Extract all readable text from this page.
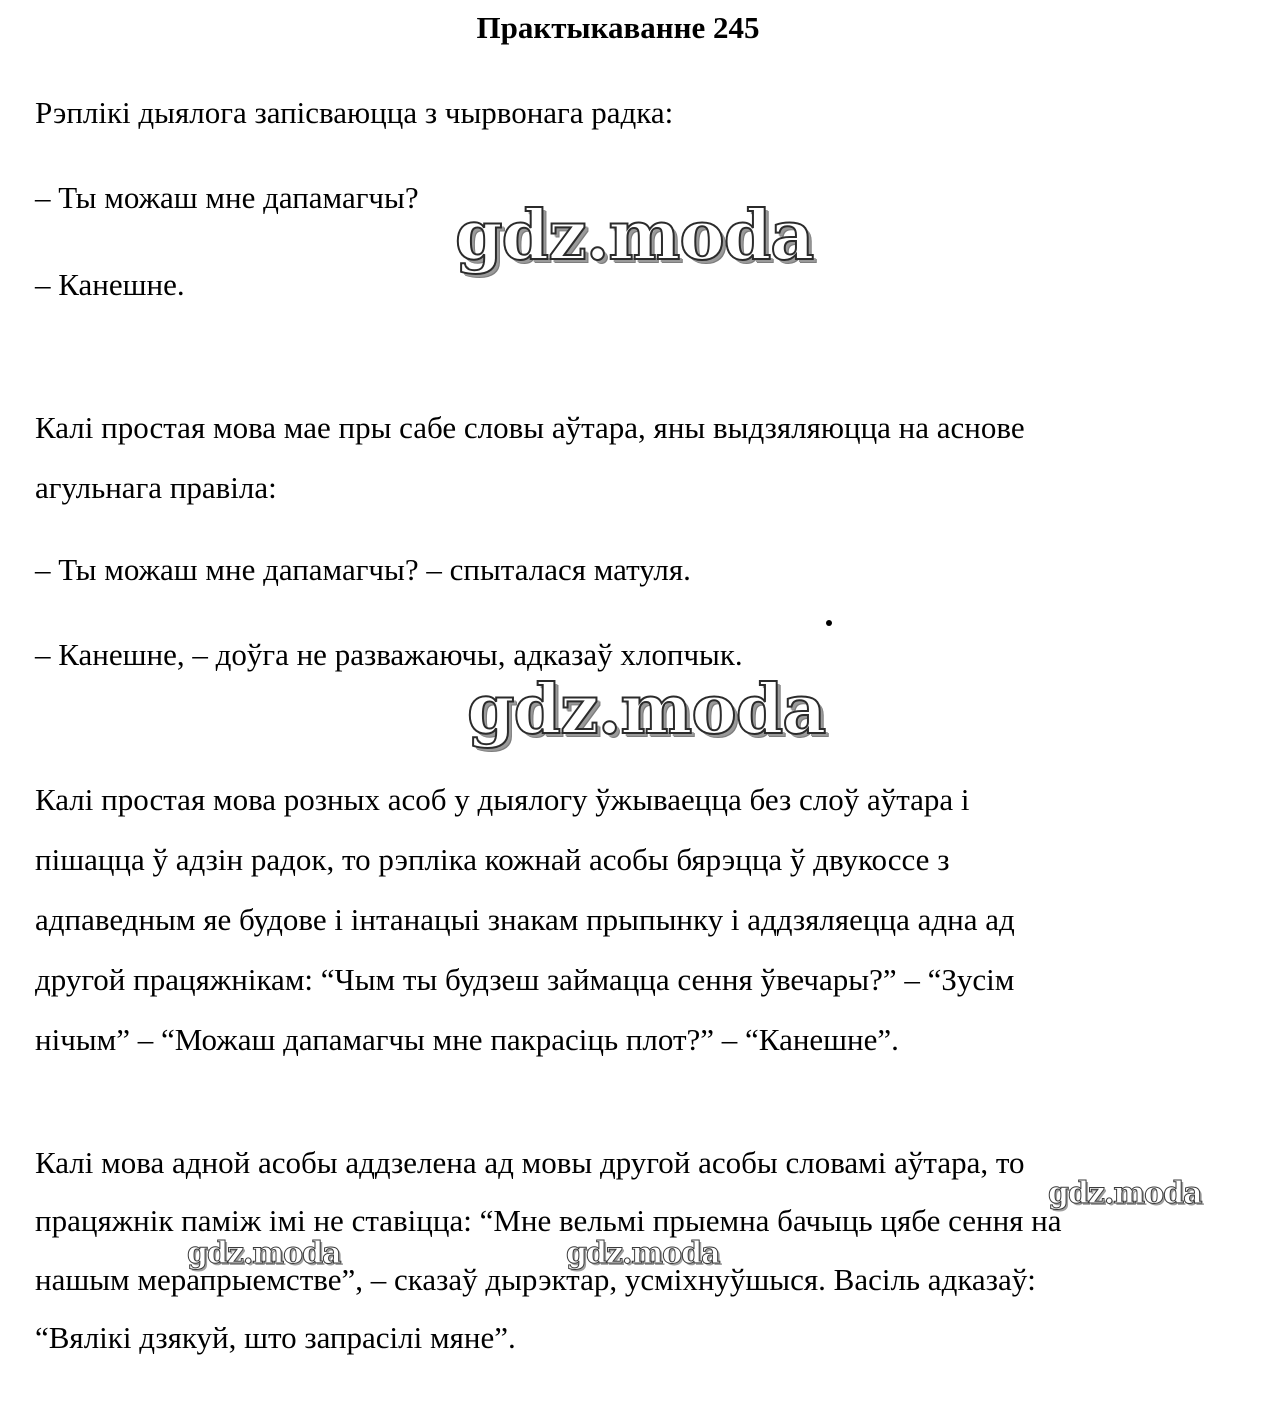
Практыкаванне 245
Рэплікі дыялога запісваюцца з чырвонага радка:
– Ты можаш мне дапамагчы?
– Канешне.
Калі простая мова мае пры сабе словы аўтара, яны выдзяляюцца на аснове
агульнага правіла:
– Ты можаш мне дапамагчы? – спыталася матуля.
– Канешне, – доўга не разважаючы, адказаў хлопчык.
Калі простая мова розных асоб у дыялогу ўжываецца без слоў аўтара і
пішацца ў адзін радок, то рэпліка кожнай асобы бярэцца ў двукоссе з
адпаведным яе будове і інтанацыі знакам прыпынку і аддзяляецца адна ад
другой працяжнікам: “Чым ты будзеш займацца сення ўвечары?” – “Зусім
нічым” – “Можаш дапамагчы мне пакрасіць плот?” – “Канешне”.
Калі мова адной асобы аддзелена ад мовы другой асобы словамі аўтара, то
працяжнік паміж імі не ставіцца: “Мне вельмі прыемна бачыць цябе сення на
нашым мерапрыемстве”, – сказаў дырэктар, усміхнуўшыся. Васіль адказаў:
“Вялікі дзякуй, што запрасілі мяне”.
gdz.moda
gdz.moda
gdz.moda
gdz.moda	gdz.moda
